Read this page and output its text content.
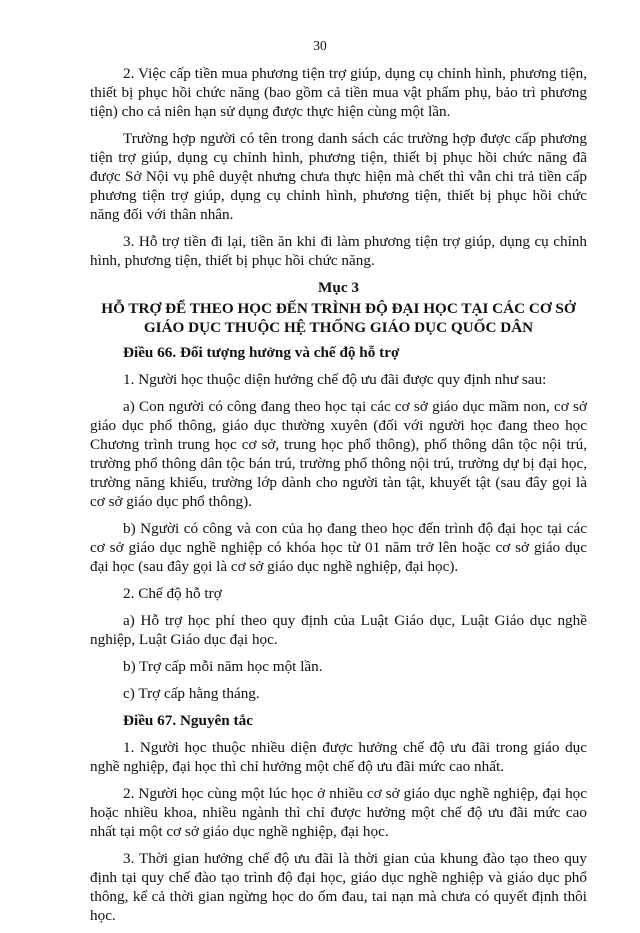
30

2. Việc cấp tiền mua phương tiện trợ giúp, dụng cụ chỉnh hình, phương tiện, thiết bị phục hồi chức năng (bao gồm cả tiền mua vật phẩm phụ, bảo trì phương tiện) cho cả niên hạn sử dụng được thực hiện cùng một lần.

Trường hợp người có tên trong danh sách các trường hợp được cấp phương tiện trợ giúp, dụng cụ chỉnh hình, phương tiện, thiết bị phục hồi chức năng đã được Sở Nội vụ phê duyệt nhưng chưa thực hiện mà chết thì vẫn chi trả tiền cấp phương tiện trợ giúp, dụng cụ chỉnh hình, phương tiện, thiết bị phục hồi chức năng đối với thân nhân.

3. Hỗ trợ tiền đi lại, tiền ăn khi đi làm phương tiện trợ giúp, dụng cụ chỉnh hình, phương tiện, thiết bị phục hồi chức năng.

Mục 3
HỖ TRỢ ĐỂ THEO HỌC ĐẾN TRÌNH ĐỘ ĐẠI HỌC TẠI CÁC CƠ SỞ GIÁO DỤC THUỘC HỆ THỐNG GIÁO DỤC QUỐC DÂN
Điều 66. Đối tượng hưởng và chế độ hỗ trợ

1. Người học thuộc diện hưởng chế độ ưu đãi được quy định như sau:

a) Con người có công đang theo học tại các cơ sở giáo dục mầm non, cơ sở giáo dục phổ thông, giáo dục thường xuyên (đối với người học đang theo học Chương trình trung học cơ sở, trung học phổ thông), phổ thông dân tộc nội trú, trường phổ thông dân tộc bán trú, trường phổ thông nội trú, trường dự bị đại học, trường năng khiếu, trường lớp dành cho người tàn tật, khuyết tật (sau đây gọi là cơ sở giáo dục phổ thông).

b) Người có công và con của họ đang theo học đến trình độ đại học tại các cơ sở giáo dục nghề nghiệp có khóa học từ 01 năm trở lên hoặc cơ sở giáo dục đại học (sau đây gọi là cơ sở giáo dục nghề nghiệp, đại học).

2. Chế độ hỗ trợ

a) Hỗ trợ học phí theo quy định của Luật Giáo dục, Luật Giáo dục nghề nghiệp, Luật Giáo dục đại học.

b) Trợ cấp mỗi năm học một lần.

c) Trợ cấp hằng tháng.

Điều 67. Nguyên tắc

1. Người học thuộc nhiều diện được hưởng chế độ ưu đãi trong giáo dục nghề nghiệp, đại học thì chỉ hưởng một chế độ ưu đãi mức cao nhất.

2. Người học cùng một lúc học ở nhiều cơ sở giáo dục nghề nghiệp, đại học hoặc nhiều khoa, nhiều ngành thì chỉ được hưởng một chế độ ưu đãi mức cao nhất tại một cơ sở giáo dục nghề nghiệp, đại học.

3. Thời gian hưởng chế độ ưu đãi là thời gian của khung đào tạo theo quy định tại quy chế đào tạo trình độ đại học, giáo dục nghề nghiệp và giáo dục phổ thông, kể cả thời gian ngừng học do ốm đau, tai nạn mà chưa có quyết định thôi học.
